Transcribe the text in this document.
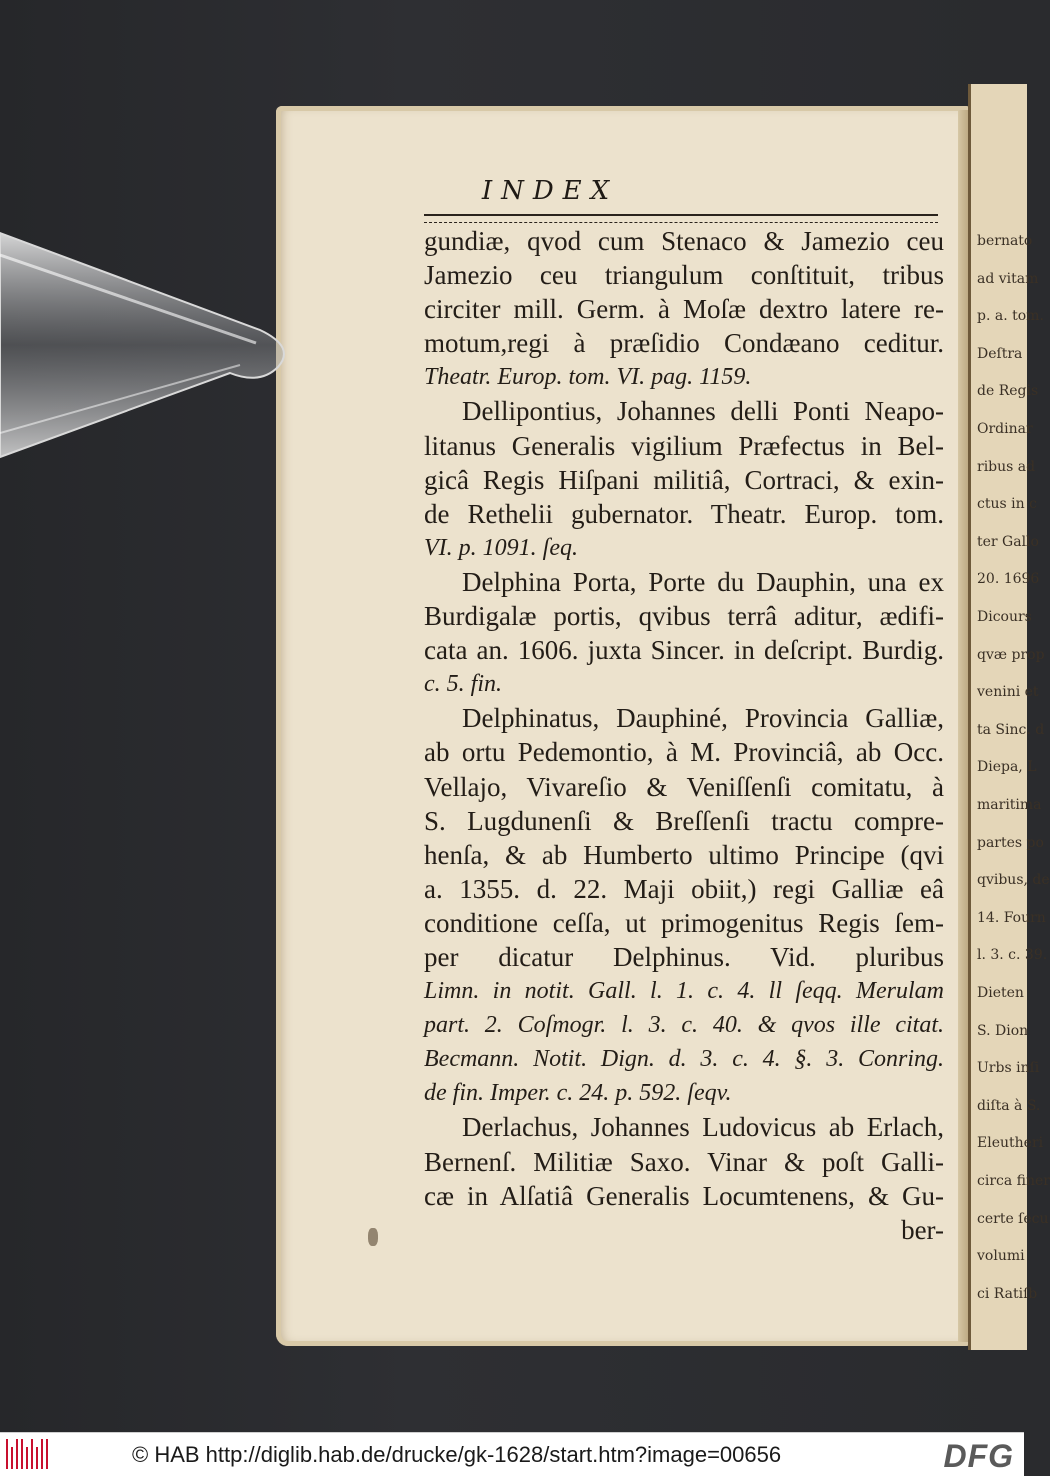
bernato
ad vitam
p. a. tom.
Deſtra
de Regis
Ordinar
ribus ad
ctus in c
ter Gallo
20. 1696
Dicours
qvæ prop
venini et
ta Sinc. d
Diepa, L
maritima
partes po
qvibus, de
14. Fourn
l. 3. c. 39.
Dieten
S. Dion
Urbs inſi
diſta à S.
Eleutheri
circa finer
certe ſecu
volumi
ci Ratiſb
INDEX
gundiæ, qvod cum Stenaco & Jamezio ceu
Jamezio ceu triangulum conſtituit, tribus
circiter mill. Germ. à Moſæ dextro latere re-
motum,regi à præſidio Condæano ceditur.
Theatr. Europ. tom. VI. pag. 1159.
Dellipontius, Johannes delli Ponti Neapo-
litanus Generalis vigilium Præfectus in Bel-
gicâ Regis Hiſpani militiâ, Cortraci, & exin-
de Rethelii gubernator. Theatr. Europ. tom.
VI. p. 1091. ſeq.
Delphina Porta, Porte du Dauphin, una ex
Burdigalæ portis, qvibus terrâ aditur, ædifi-
cata an. 1606. juxta Sincer. in deſcript. Burdig.
c. 5. fin.
Delphinatus, Dauphiné, Provincia Galliæ,
ab ortu Pedemontio, à M. Provinciâ, ab Occ.
Vellajo, Vivareſio & Veniſſenſi comitatu, à
S. Lugdunenſi & Breſſenſi tractu compre-
henſa, & ab Humberto ultimo Principe (qvi
a. 1355. d. 22. Maji obiit,) regi Galliæ eâ
conditione ceſſa, ut primogenitus Regis ſem-
per dicatur Delphinus. Vid. pluribus
Limn. in notit. Gall. l. 1. c. 4. ll ſeqq. Merulam
part. 2. Coſmogr. l. 3. c. 40. & qvos ille citat.
Becmann. Notit. Dign. d. 3. c. 4. §. 3. Conring.
de fin. Imper. c. 24. p. 592. ſeqv.
Derlachus, Johannes Ludovicus ab Erlach,
Bernenſ. Militiæ Saxo. Vinar & poſt Galli-
cæ in Alſatiâ Generalis Locumtenens, & Gu-
ber-
© HAB http://diglib.hab.de/drucke/gk-1628/start.htm?image=00656	DFG
